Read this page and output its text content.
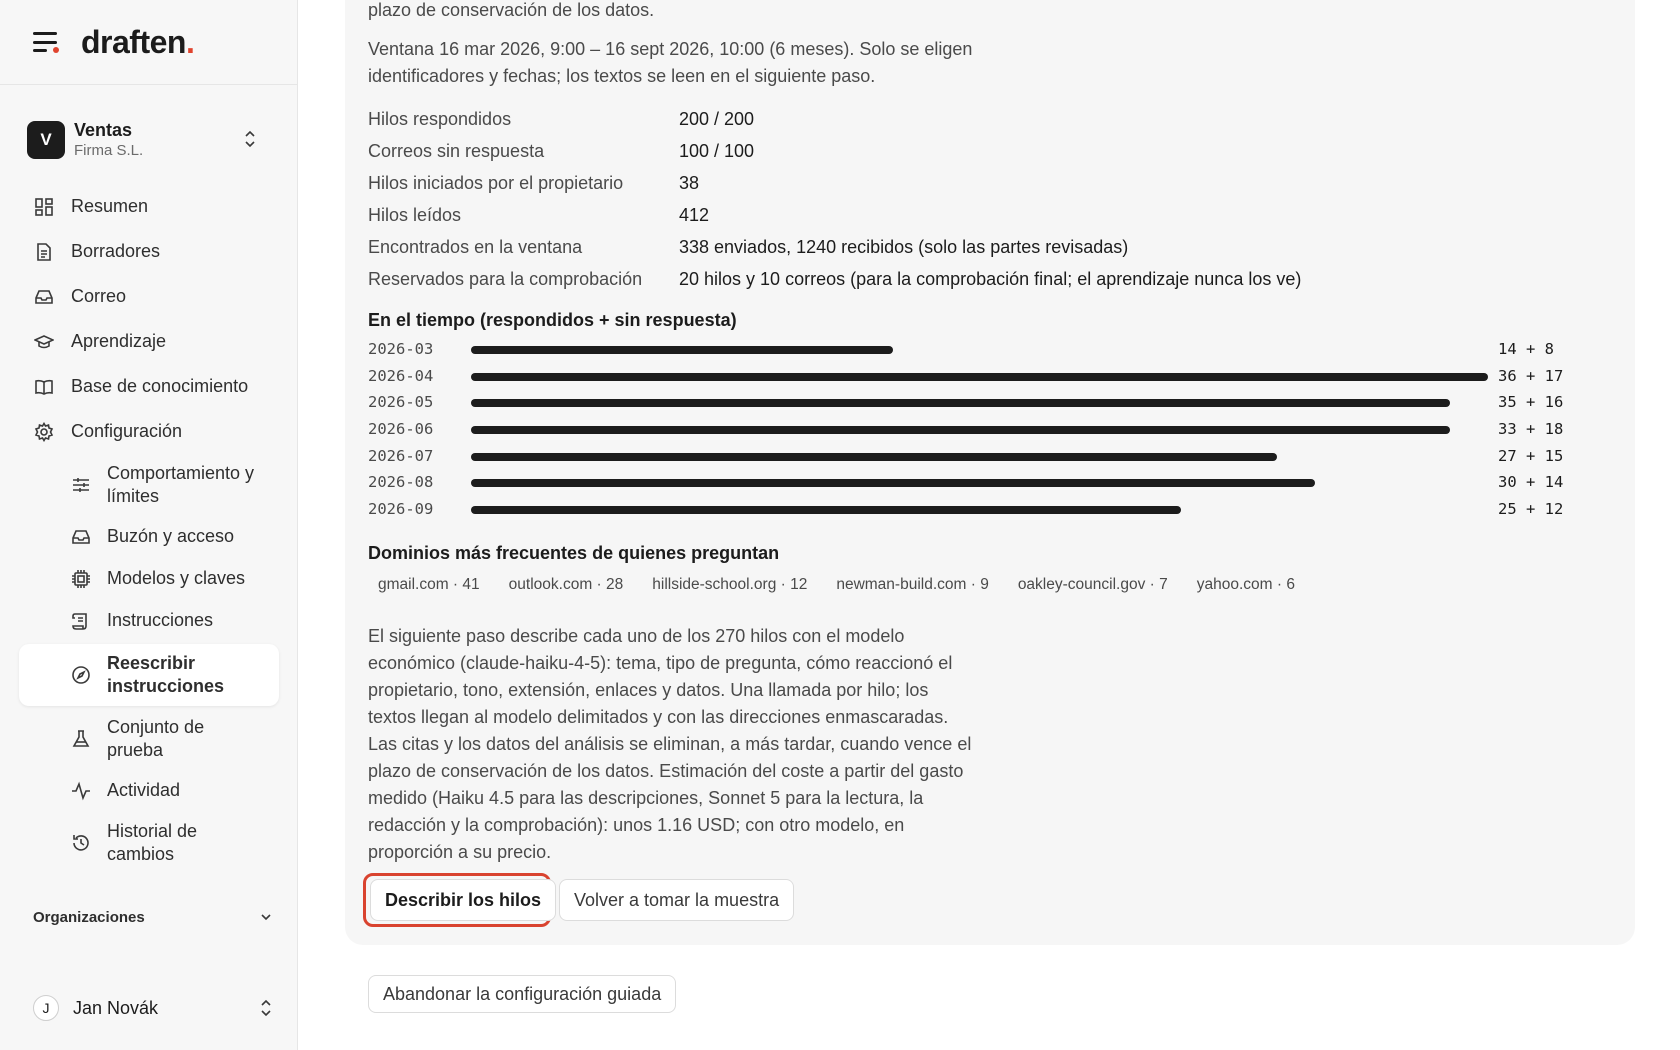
draften.
V	Ventas
Firma S.L.
Resumen
Borradores
Correo
Aprendizaje
Base de conocimiento
Configuración
Comportamiento y límites
Buzón y acceso
Modelos y claves
Instrucciones
Reescribir instrucciones
Conjunto de prueba
Actividad
Historial de cambios
Organizaciones
J	Jan Novák
plazo de conservación de los datos.
Ventana 16 mar 2026, 9:00 – 16 sept 2026, 10:00 (6 meses). Solo se eligen identificadores y fechas; los textos se leen en el siguiente paso.
Hilos respondidos	200 / 200
Correos sin respuesta	100 / 100
Hilos iniciados por el propietario	38
Hilos leídos	412
Encontrados en la ventana	338 enviados, 1240 recibidos (solo las partes revisadas)
Reservados para la comprobación	20 hilos y 10 correos (para la comprobación final; el aprendizaje nunca los ve)
En el tiempo (respondidos + sin respuesta)
2026-03	14 + 8
2026-04	36 + 17
2026-05	35 + 16
2026-06	33 + 18
2026-07	27 + 15
2026-08	30 + 14
2026-09	25 + 12
Dominios más frecuentes de quienes preguntan
gmail.com · 41 outlook.com · 28 hillside-school.org · 12 newman-build.com · 9 oakley-council.gov · 7 yahoo.com · 6
El siguiente paso describe cada uno de los 270 hilos con el modelo económico (claude-haiku-4-5): tema, tipo de pregunta, cómo reaccionó el propietario, tono, extensión, enlaces y datos. Una llamada por hilo; los textos llegan al modelo delimitados y con las direcciones enmascaradas. Las citas y los datos del análisis se eliminan, a más tardar, cuando vence el plazo de conservación de los datos. Estimación del coste a partir del gasto medido (Haiku 4.5 para las descripciones, Sonnet 5 para la lectura, la redacción y la comprobación): unos 1.16 USD; con otro modelo, en proporción a su precio.
Describir los hilos	Volver a tomar la muestra
Abandonar la configuración guiada
